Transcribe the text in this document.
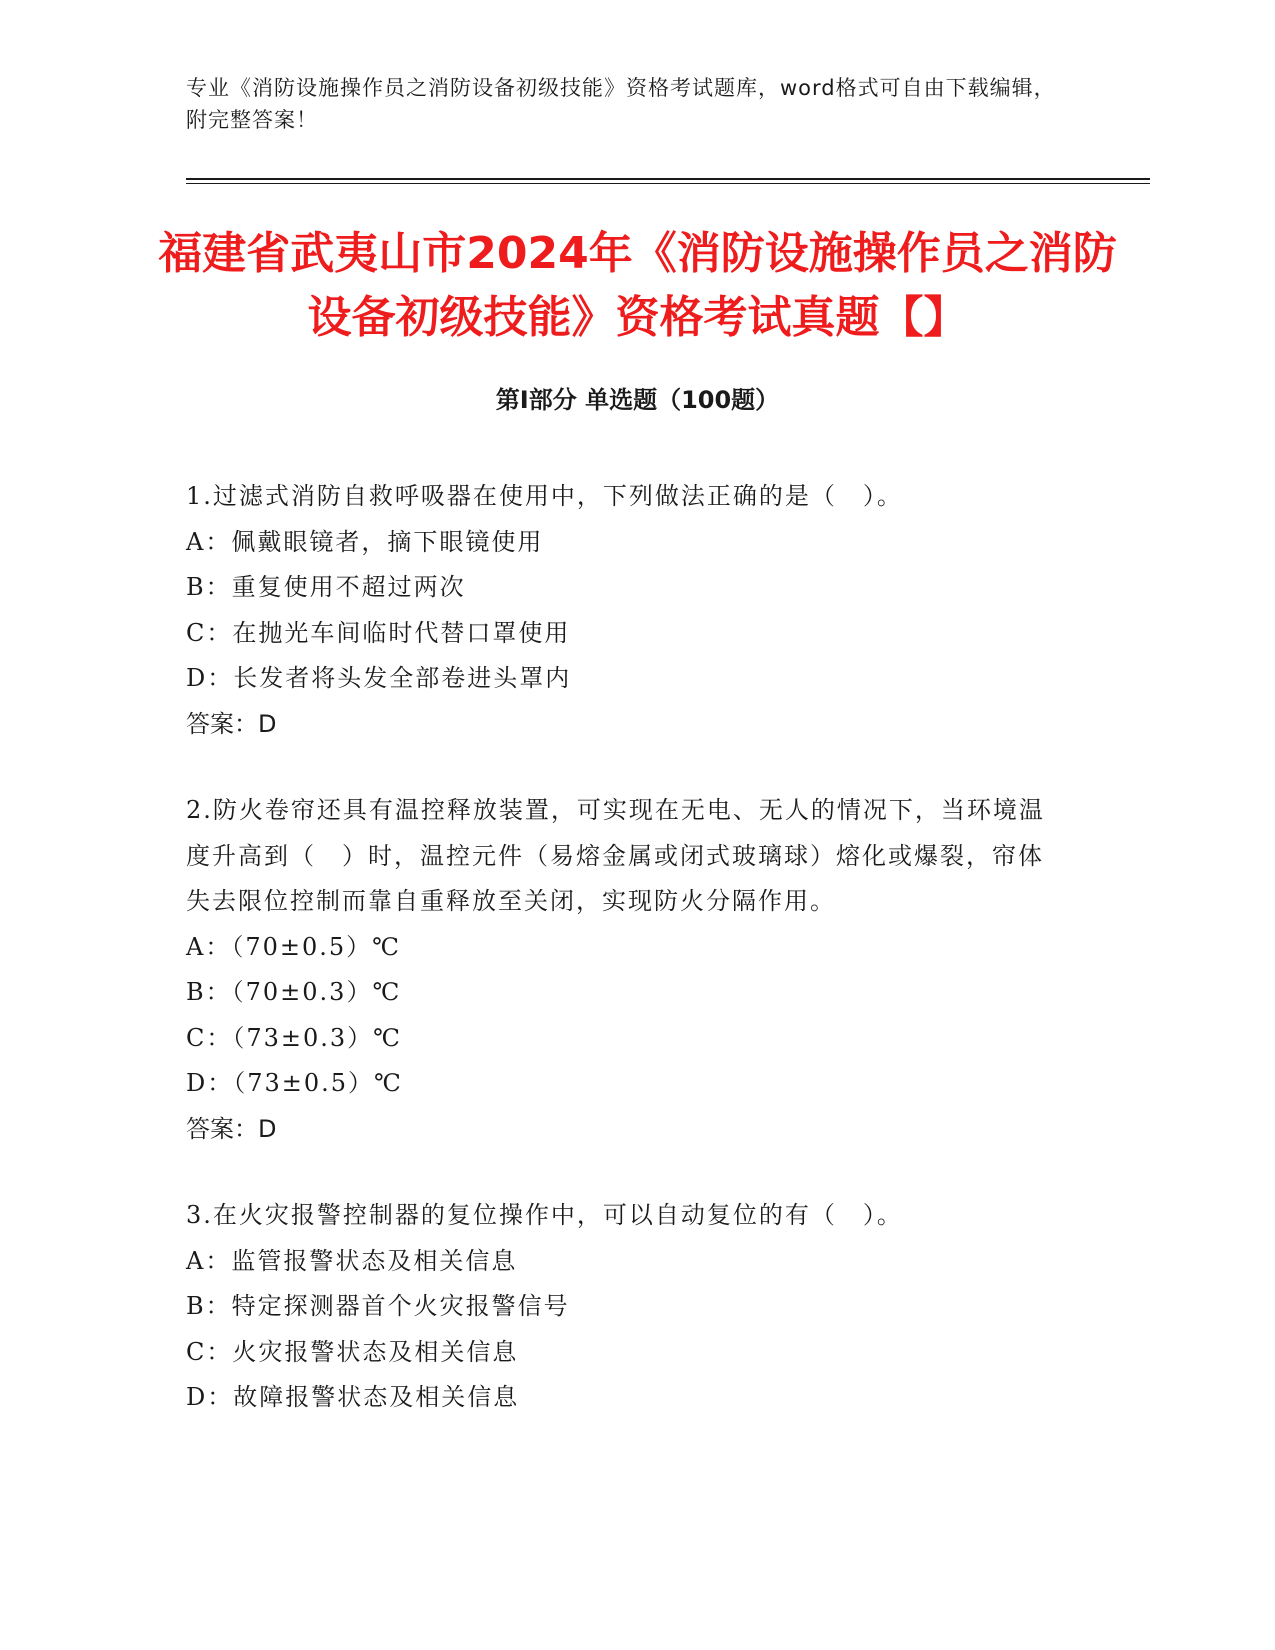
专业《消防设施操作员之消防设备初级技能》资格考试题库，word格式可自由下载编辑，附完整答案！

福建省武夷山市2024年《消防设施操作员之消防设备初级技能》资格考试真题【】
第I部分 单选题（100题）

1.过滤式消防自救呼吸器在使用中，下列做法正确的是（　）。

A：佩戴眼镜者，摘下眼镜使用

B：重复使用不超过两次

C：在抛光车间临时代替口罩使用

D：长发者将头发全部卷进头罩内

答案：D

2.防火卷帘还具有温控释放装置，可实现在无电、无人的情况下，当环境温度升高到（　）时，温控元件（易熔金属或闭式玻璃球）熔化或爆裂，帘体失去限位控制而靠自重释放至关闭，实现防火分隔作用。

A：（70±0.5）℃

B：（70±0.3）℃

C：（73±0.3）℃

D：（73±0.5）℃

答案：D

3.在火灾报警控制器的复位操作中，可以自动复位的有（　）。

A：监管报警状态及相关信息

B：特定探测器首个火灾报警信号

C：火灾报警状态及相关信息

D：故障报警状态及相关信息
